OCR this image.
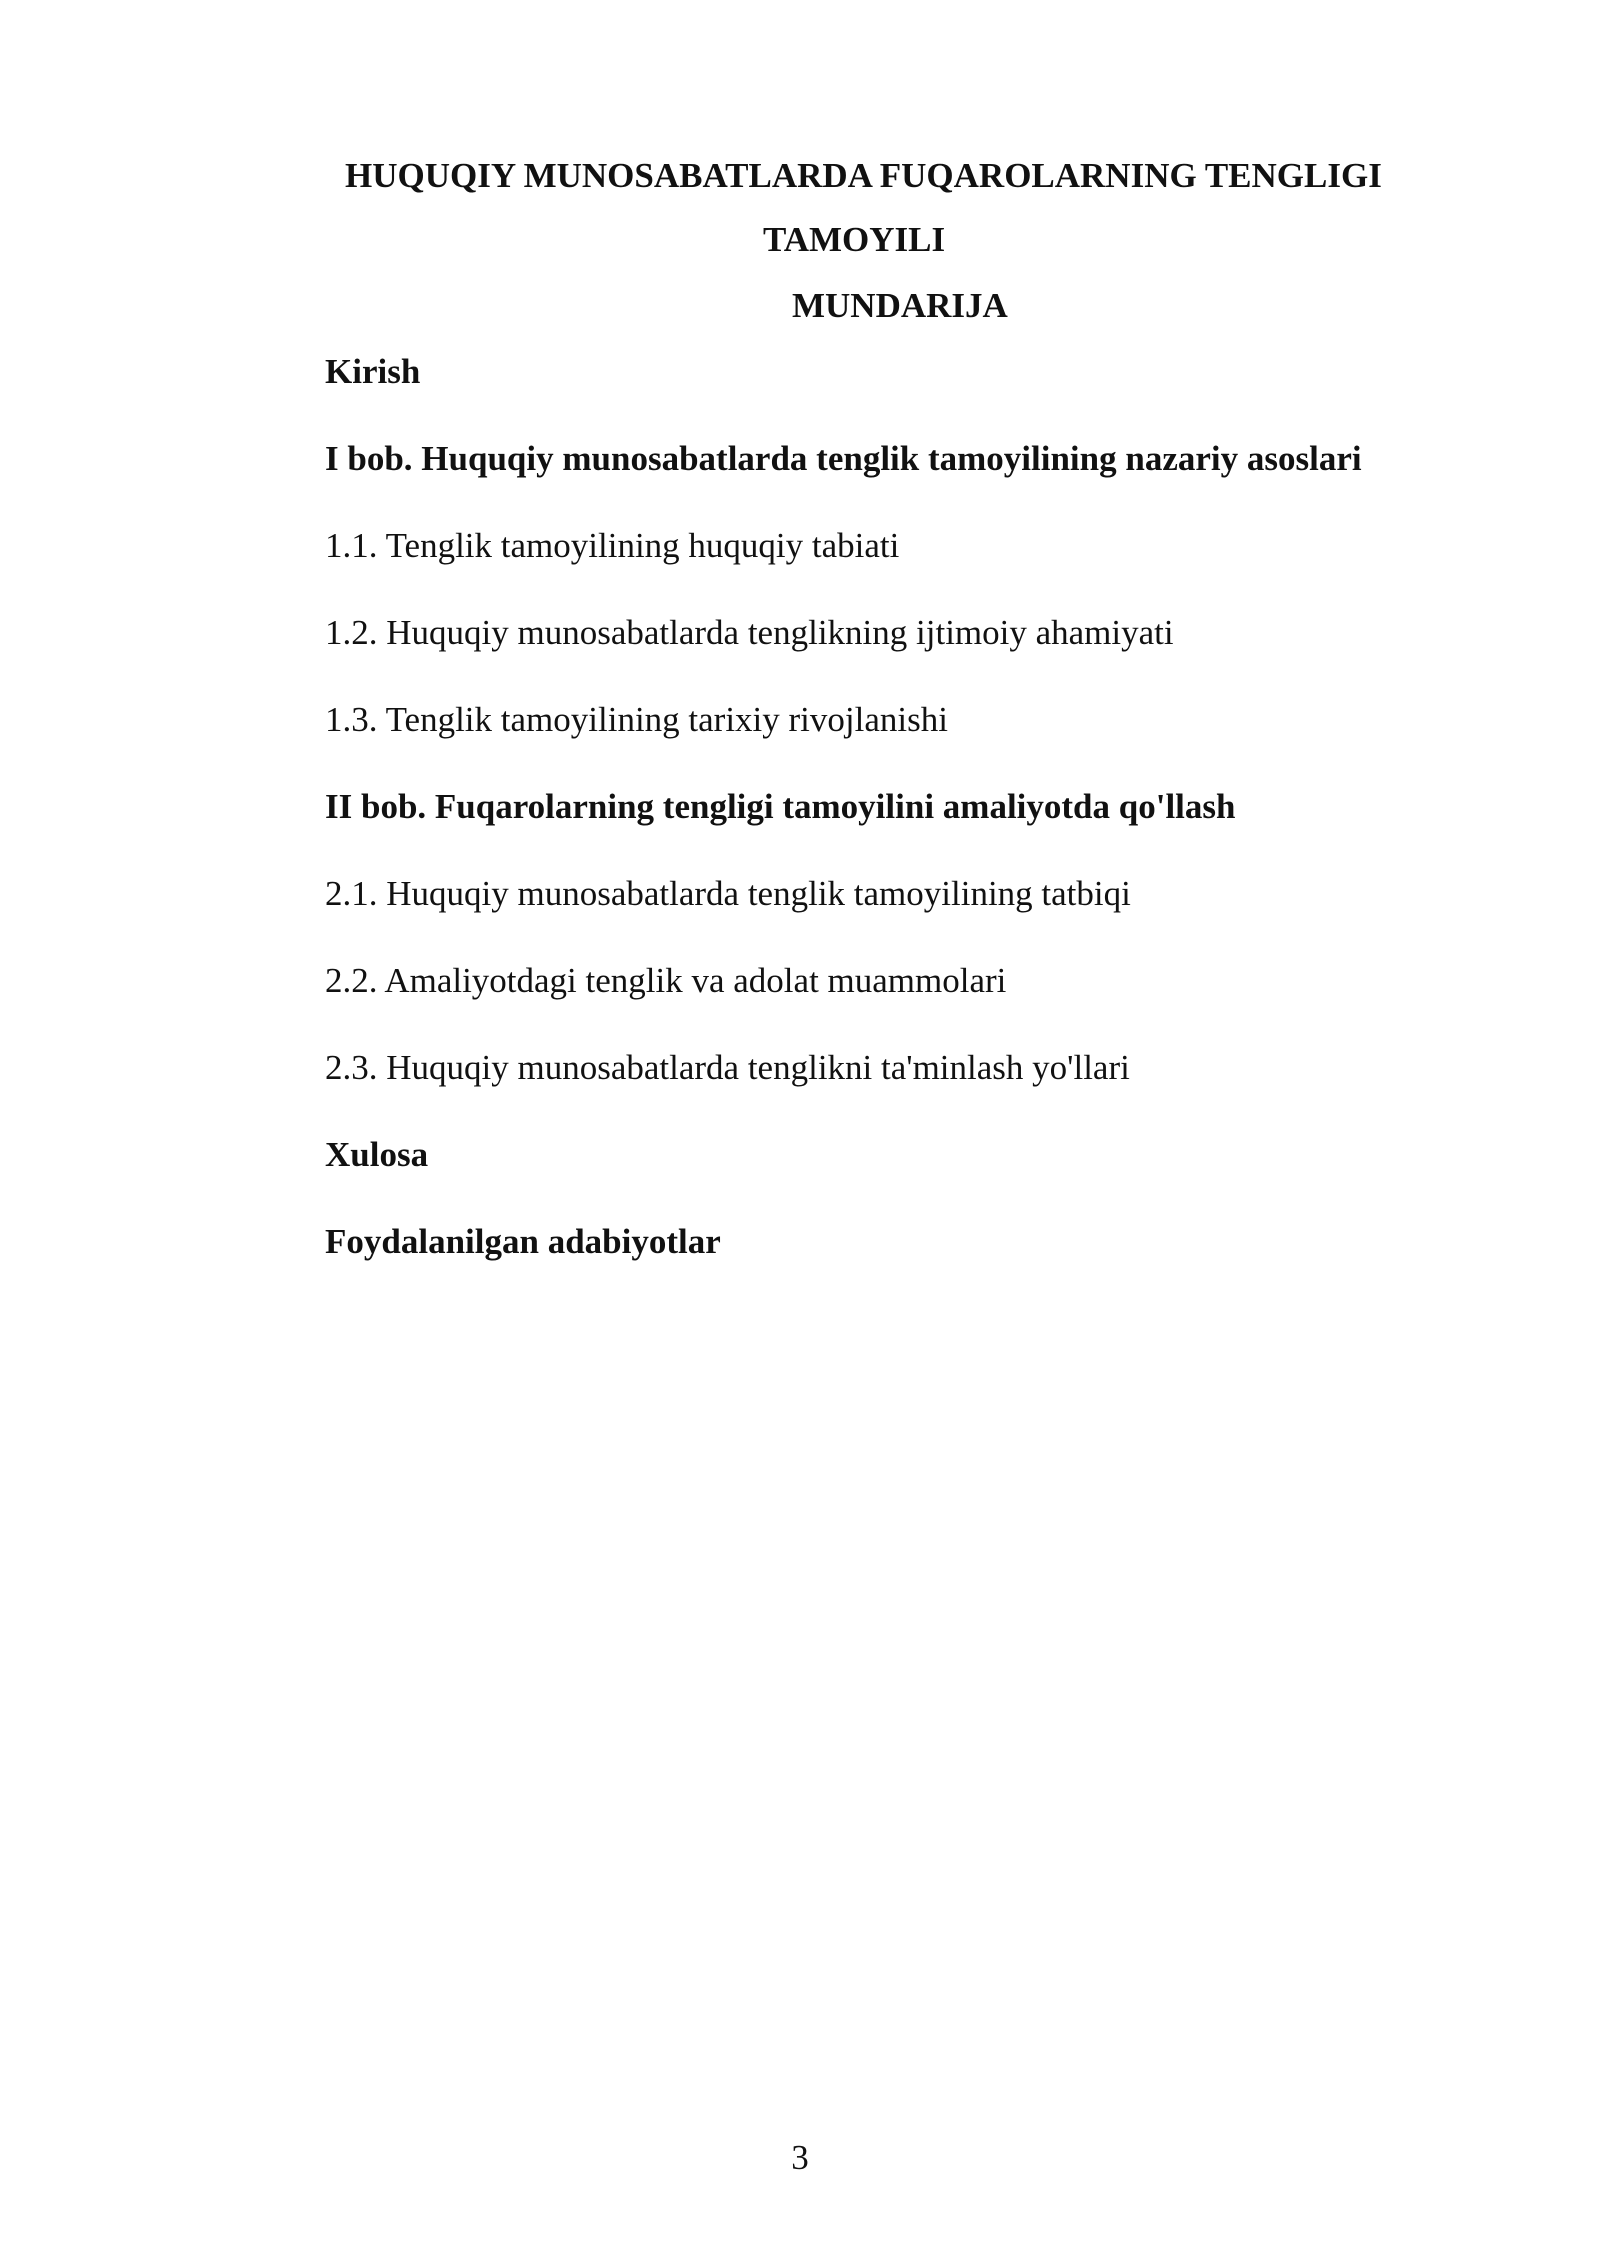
HUQUQIY MUNOSABATLARDA FUQAROLARNING TENGLIGI
TAMOYILI
MUNDARIJA
Kirish
I bob. Huquqiy munosabatlarda tenglik tamoyilining nazariy asoslari
1.1. Tenglik tamoyilining huquqiy tabiati
1.2. Huquqiy munosabatlarda tenglikning ijtimoiy ahamiyati
1.3. Tenglik tamoyilining tarixiy rivojlanishi
II bob. Fuqarolarning tengligi tamoyilini amaliyotda qo'llash
2.1. Huquqiy munosabatlarda tenglik tamoyilining tatbiqi
2.2. Amaliyotdagi tenglik va adolat muammolari
2.3. Huquqiy munosabatlarda tenglikni ta'minlash yo'llari
Xulosa
Foydalanilgan adabiyotlar
3
